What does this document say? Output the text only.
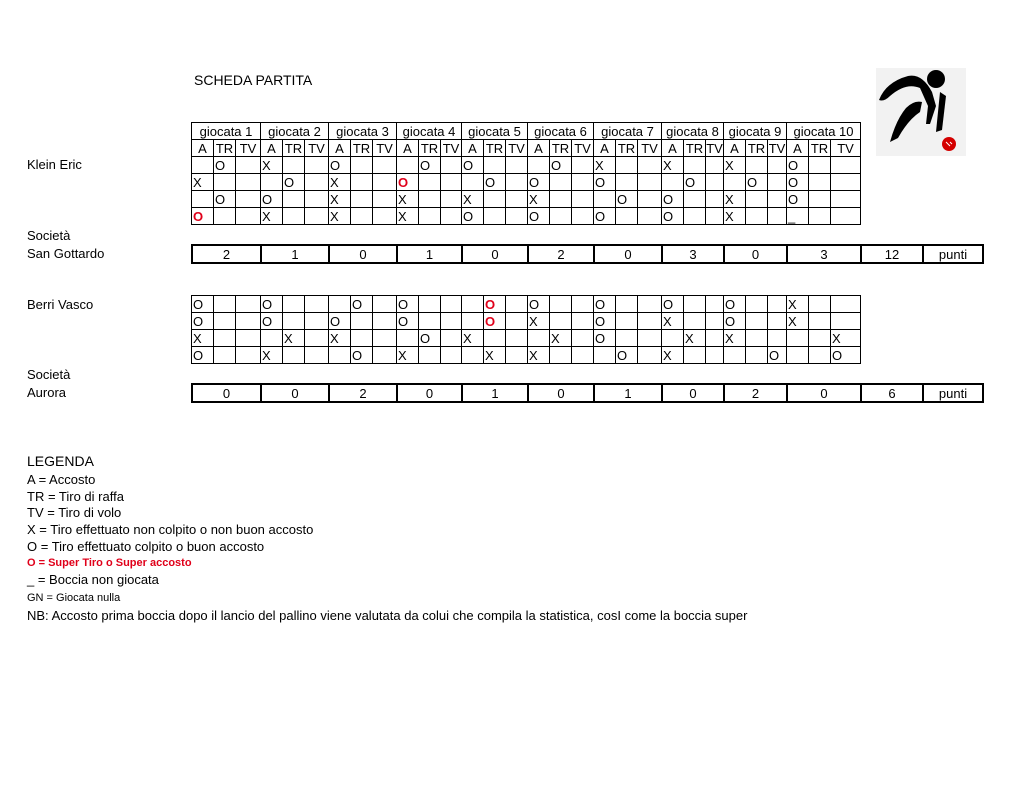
SCHEDA PARTITA
Klein Eric
Società
San Gottardo
giocata 1			giocata 2			giocata 3			giocata 4			giocata 5			giocata 6			giocata 7			giocata 8			giocata 9			giocata 10		
A	TR	TV	A	TR	TV	A	TR	TV	A	TR	TV	A	TR	TV	A	TR	TV	A	TR	TV	A	TR	TV	A	TR	TV	A	TR	TV
	O		X			O				O		O				O		X			X			X			O		
X				O		X			O				O		O			O				O			O		O		
	O		O			X			X			X			X				O		O			X			O		
O			X			X			X			O			O			O			O			X			_		
2	1	0	1	0	2	0	3	0	3	12	punti
Berri Vasco
Società
Aurora
O			O				O		O				O		O			O			O			O			X		
O			O			O			O				O		X			O			X			O			X		
X				X		X				O		X				X		O				X		X					X
O			X				O		X				X		X				O		X					O			O
0	0	2	0	1	0	1	0	2	0	6	punti
LEGENDA
A = Accosto
TR = Tiro di raffa
TV = Tiro di volo
X = Tiro effettuato non colpito o non buon accosto
O = Tiro effettuato colpito o buon accosto
O = Super Tiro o Super accosto
_ = Boccia non giocata
GN = Giocata nulla
NB: Accosto prima boccia dopo il lancio del pallino viene valutata da colui che compila la statistica, cosI come la boccia super
